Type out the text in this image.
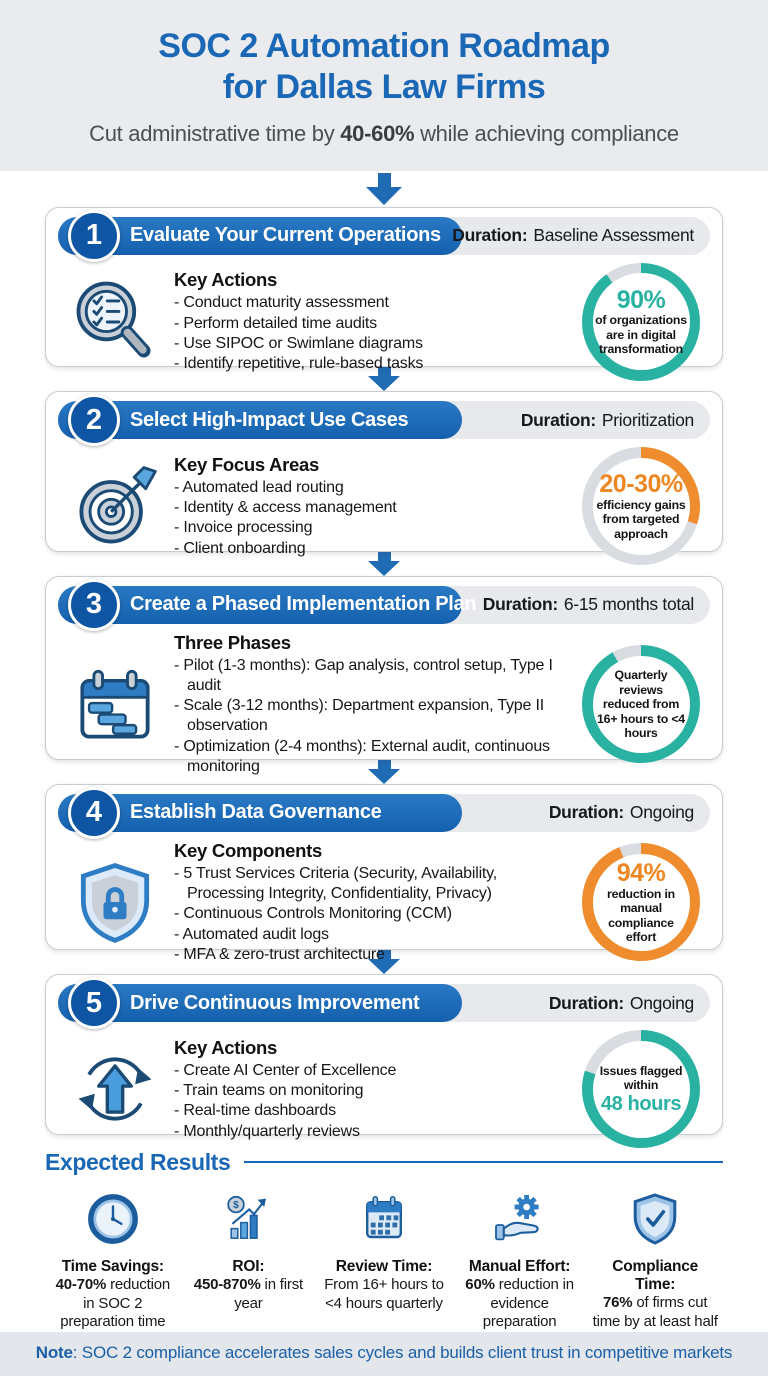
SOC 2 Automation Roadmap
for Dallas Law Firms
Cut administrative time by 40-60% while achieving compliance
1	Evaluate Your Current Operations Duration: Baseline Assessment
Key Actions
- Conduct maturity assessment
- Perform detailed time audits
- Use SIPOC or Swimlane diagrams
- Identify repetitive, rule-based tasks
90%
of organizations are in digital transformation
2	Select High-Impact Use Cases	Duration: Prioritization
Key Focus Areas
- Automated lead routing
- Identity & access management
- Invoice processing
- Client onboarding
20-30%
efficiency gains from targeted approach
3	Create a Phased Implementation Plan Duration: 6-15 months total
Three Phases
- Pilot (1-3 months): Gap analysis, control setup, Type I audit
- Scale (3-12 months): Department expansion, Type II observation
- Optimization (2-4 months): External audit, continuous monitoring
Quarterly reviews reduced from 16+ hours to <4 hours
4	Establish Data Governance	Duration: Ongoing
Key Components
- 5 Trust Services Criteria (Security, Availability, Processing Integrity, Confidentiality, Privacy)
- Continuous Controls Monitoring (CCM)
- Automated audit logs
- MFA & zero-trust architecture
94%
reduction in manual compliance effort
5	Drive Continuous Improvement	Duration: Ongoing
Key Actions
- Create AI Center of Excellence
- Train teams on monitoring
- Real-time dashboards
- Monthly/quarterly reviews
Issues flagged within
48 hours
Expected Results
Time Savings:
40-70% reduction in SOC 2 preparation time
$
ROI:
450-870% in first year
Review Time:
From 16+ hours to <4 hours quarterly
Manual Effort:
60% reduction in evidence preparation
Compliance Time:
76% of firms cut time by at least half
Note: SOC 2 compliance accelerates sales cycles and builds client trust in competitive markets
